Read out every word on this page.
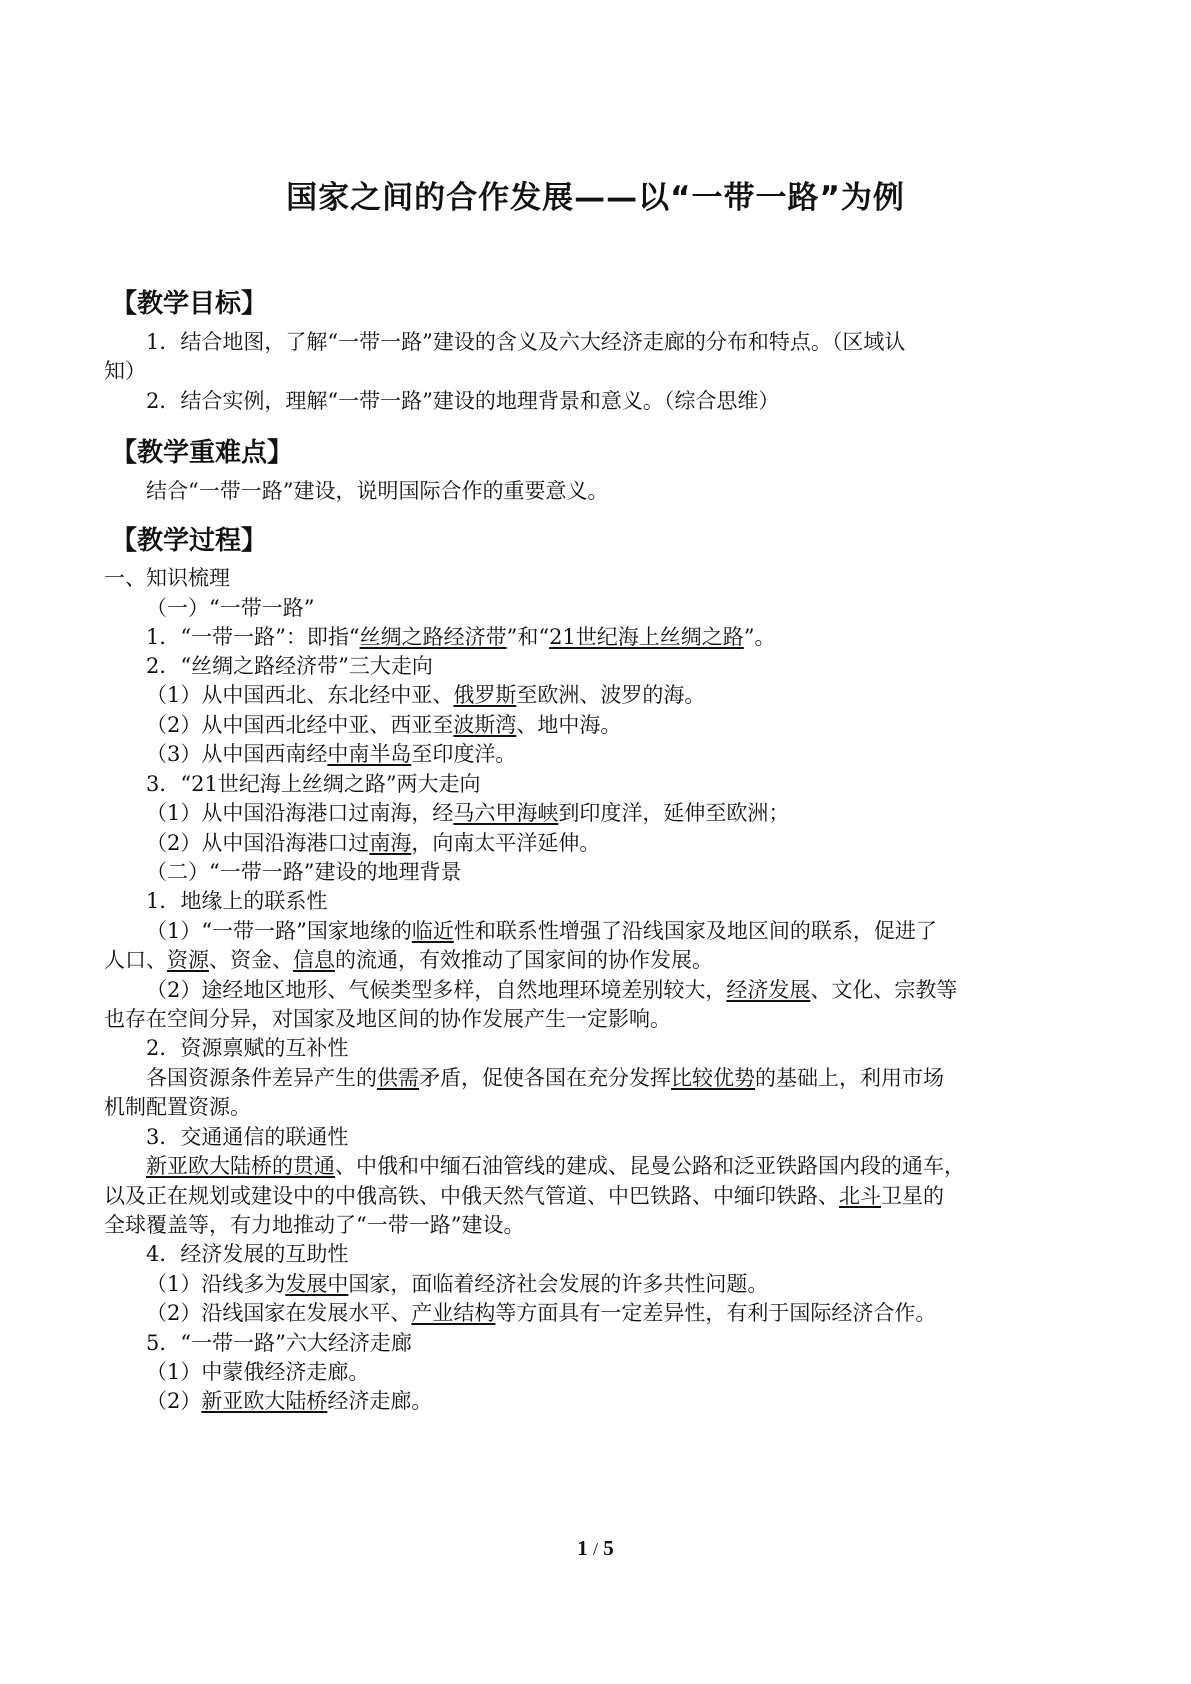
国家之间的合作发展——以“一带一路”为例
【教学目标】
1．结合地图，了解“一带一路”建设的含义及六大经济走廊的分布和特点。（区域认
知）
2．结合实例，理解“一带一路”建设的地理背景和意义。（综合思维）
【教学重难点】
结合“一带一路”建设，说明国际合作的重要意义。
【教学过程】
一、知识梳理
（一）“一带一路”
1．“一带一路”：即指“丝绸之路经济带”和“21世纪海上丝绸之路”。
2．“丝绸之路经济带”三大走向
（1）从中国西北、东北经中亚、俄罗斯至欧洲、波罗的海。
（2）从中国西北经中亚、西亚至波斯湾、地中海。
（3）从中国西南经中南半岛至印度洋。
3．“21世纪海上丝绸之路”两大走向
（1）从中国沿海港口过南海，经马六甲海峡到印度洋，延伸至欧洲；
（2）从中国沿海港口过南海，向南太平洋延伸。
（二）“一带一路”建设的地理背景
1．地缘上的联系性
（1）“一带一路”国家地缘的临近性和联系性增强了沿线国家及地区间的联系，促进了
人口、资源、资金、信息的流通，有效推动了国家间的协作发展。
（2）途经地区地形、气候类型多样，自然地理环境差别较大，经济发展、文化、宗教等
也存在空间分异，对国家及地区间的协作发展产生一定影响。
2．资源禀赋的互补性
各国资源条件差异产生的供需矛盾，促使各国在充分发挥比较优势的基础上，利用市场
机制配置资源。
3．交通通信的联通性
新亚欧大陆桥的贯通、中俄和中缅石油管线的建成、昆曼公路和泛亚铁路国内段的通车，
以及正在规划或建设中的中俄高铁、中俄天然气管道、中巴铁路、中缅印铁路、北斗卫星的
全球覆盖等，有力地推动了“一带一路”建设。
4．经济发展的互助性
（1）沿线多为发展中国家，面临着经济社会发展的许多共性问题。
（2）沿线国家在发展水平、产业结构等方面具有一定差异性，有利于国际经济合作。
5．“一带一路”六大经济走廊
（1）中蒙俄经济走廊。
（2）新亚欧大陆桥经济走廊。
1 / 5
